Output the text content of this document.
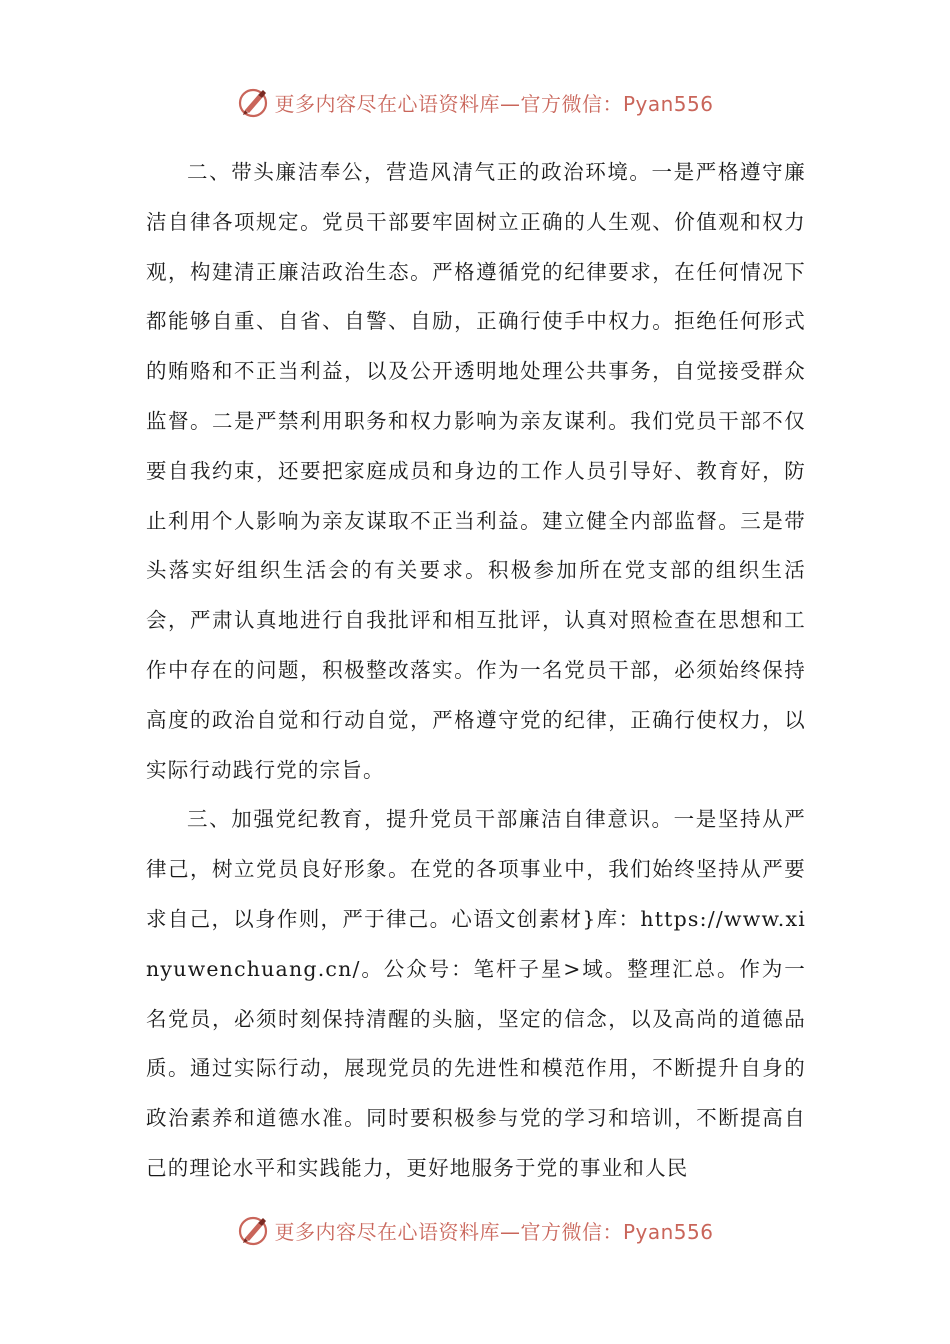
更多内容尽在心语资料库—官方微信：Pyan556

二、带头廉洁奉公，营造风清气正的政治环境。一是严格遵守廉洁自律各项规定。党员干部要牢固树立正确的人生观、价值观和权力观，构建清正廉洁政治生态。严格遵循党的纪律要求，在任何情况下都能够自重、自省、自警、自励，正确行使手中权力。拒绝任何形式的贿赂和不正当利益，以及公开透明地处理公共事务，自觉接受群众监督。二是严禁利用职务和权力影响为亲友谋利。我们党员干部不仅要自我约束，还要把家庭成员和身边的工作人员引导好、教育好，防止利用个人影响为亲友谋取不正当利益。建立健全内部监督。三是带头落实好组织生活会的有关要求。积极参加所在党支部的组织生活会，严肃认真地进行自我批评和相互批评，认真对照检查在思想和工作中存在的问题，积极整改落实。作为一名党员干部，必须始终保持高度的政治自觉和行动自觉，严格遵守党的纪律，正确行使权力，以实际行动践行党的宗旨。

三、加强党纪教育，提升党员干部廉洁自律意识。一是坚持从严律己，树立党员良好形象。在党的各项事业中，我们始终坚持从严要求自己，以身作则，严于律己。心语文创素材}库：https://www.xinyuwenchuang.cn/。公众号：笔杆子星>域。整理汇总。作为一名党员，必须时刻保持清醒的头脑，坚定的信念，以及高尚的道德品质。通过实际行动，展现党员的先进性和模范作用，不断提升自身的政治素养和道德水准。同时要积极参与党的学习和培训，不断提高自己的理论水平和实践能力，更好地服务于党的事业和人民

更多内容尽在心语资料库—官方微信：Pyan556
